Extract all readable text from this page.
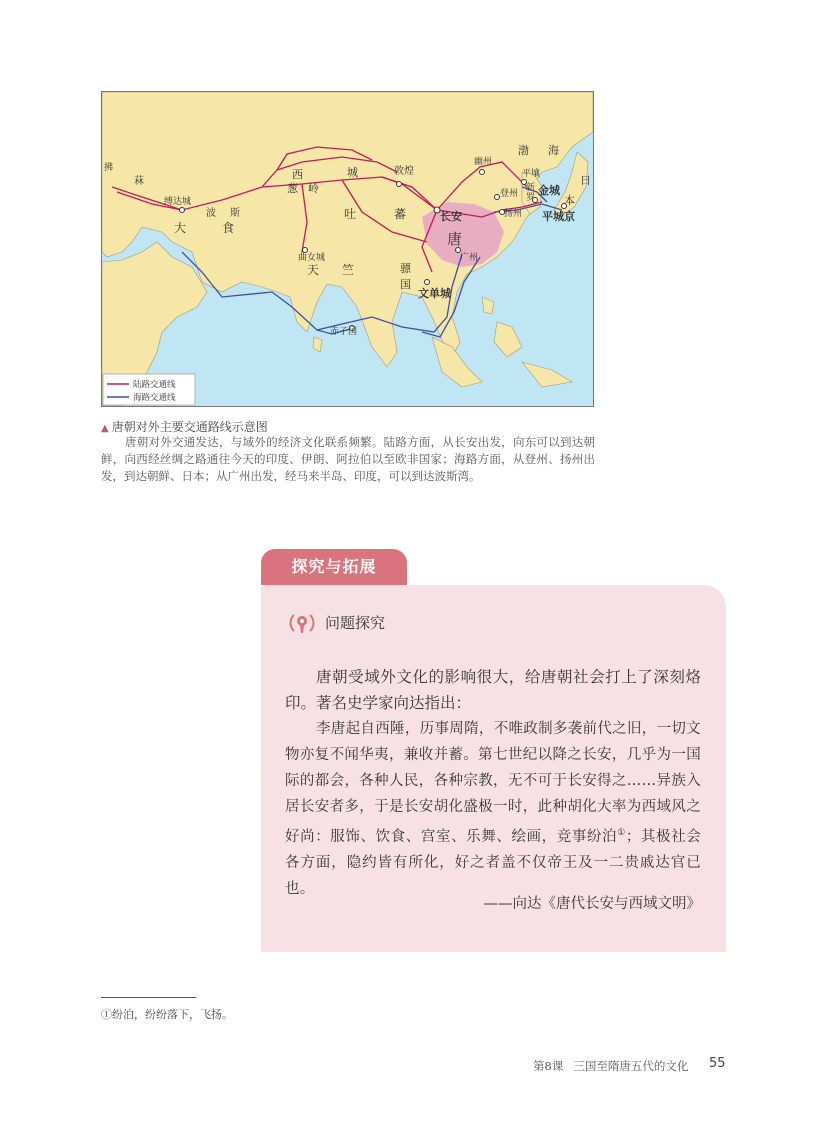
渤 海
日
本
拂
菻
缚达城
大	食
波 斯
西	城
葱 岭
敦煌
幽州
平壤
登州
新
罗
金城
平城京
长安	扬州
唐
吐	蕃
曲女城
天 竺	骠
国
广州
文单城
赤子国
陆路交通线
海路交通线
▲ 唐朝对外主要交通路线示意图
唐朝对外交通发达，与域外的经济文化联系频繁。陆路方面，从长安出发，向东可以到达朝鲜，向西经丝绸之路通往今天的印度、伊朗、阿拉伯以至欧非国家；海路方面，从登州、扬州出发，到达朝鲜、日本；从广州出发，经马来半岛、印度，可以到达波斯湾。
探究与拓展
问题探究
唐朝受域外文化的影响很大，给唐朝社会打上了深刻烙印。著名史学家向达指出：
李唐起自西陲，历事周隋，不唯政制多袭前代之旧，一切文物亦复不闻华夷，兼收并蓄。第七世纪以降之长安，几乎为一国际的都会，各种人民，各种宗教，无不可于长安得之……异族入居长安者多，于是长安胡化盛极一时，此种胡化大率为西域风之好尚：服饰、饮食、宫室、乐舞、绘画，竞事纷泊①；其极社会各方面，隐约皆有所化，好之者盖不仅帝王及一二贵戚达官已也。
——向达《唐代长安与西域文明》
①纷泊，纷纷落下，飞扬。
第8课 三国至隋唐五代的文化 55
